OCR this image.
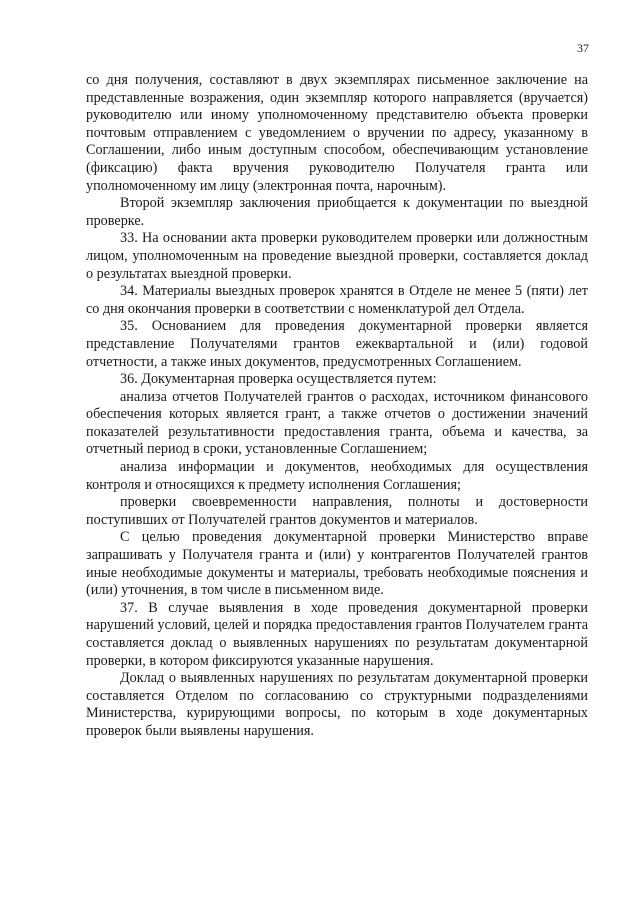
37

со дня получения, составляют в двух экземплярах письменное заключение на представленные возражения, один экземпляр которого направляется (вручается) руководителю или иному уполномоченному представителю объекта проверки почтовым отправлением с уведомлением о вручении по адресу, указанному в Соглашении, либо иным доступным способом, обеспечивающим установление (фиксацию) факта вручения руководителю Получателя гранта или уполномоченному им лицу (электронная почта, нарочным).

Второй экземпляр заключения приобщается к документации по выездной проверке.

33. На основании акта проверки руководителем проверки или должностным лицом, уполномоченным на проведение выездной проверки, составляется доклад о результатах выездной проверки.

34. Материалы выездных проверок хранятся в Отделе не менее 5 (пяти) лет со дня окончания проверки в соответствии с номенклатурой дел Отдела.

35. Основанием для проведения документарной проверки является представление Получателями грантов ежеквартальной и (или) годовой отчетности, а также иных документов, предусмотренных Соглашением.

36. Документарная проверка осуществляется путем:

анализа отчетов Получателей грантов о расходах, источником финансового обеспечения которых является грант, а также отчетов о достижении значений показателей результативности предоставления гранта, объема и качества, за отчетный период в сроки, установленные Соглашением;

анализа информации и документов, необходимых для осуществления контроля и относящихся к предмету исполнения Соглашения;

проверки своевременности направления, полноты и достоверности поступивших от Получателей грантов документов и материалов.

С целью проведения документарной проверки Министерство вправе запрашивать у Получателя гранта и (или) у контрагентов Получателей грантов иные необходимые документы и материалы, требовать необходимые пояснения и (или) уточнения, в том числе в письменном виде.

37. В случае выявления в ходе проведения документарной проверки нарушений условий, целей и порядка предоставления грантов Получателем гранта составляется доклад о выявленных нарушениях по результатам документарной проверки, в котором фиксируются указанные нарушения.

Доклад о выявленных нарушениях по результатам документарной проверки составляется Отделом по согласованию со структурными подразделениями Министерства, курирующими вопросы, по которым в ходе документарных проверок были выявлены нарушения.
